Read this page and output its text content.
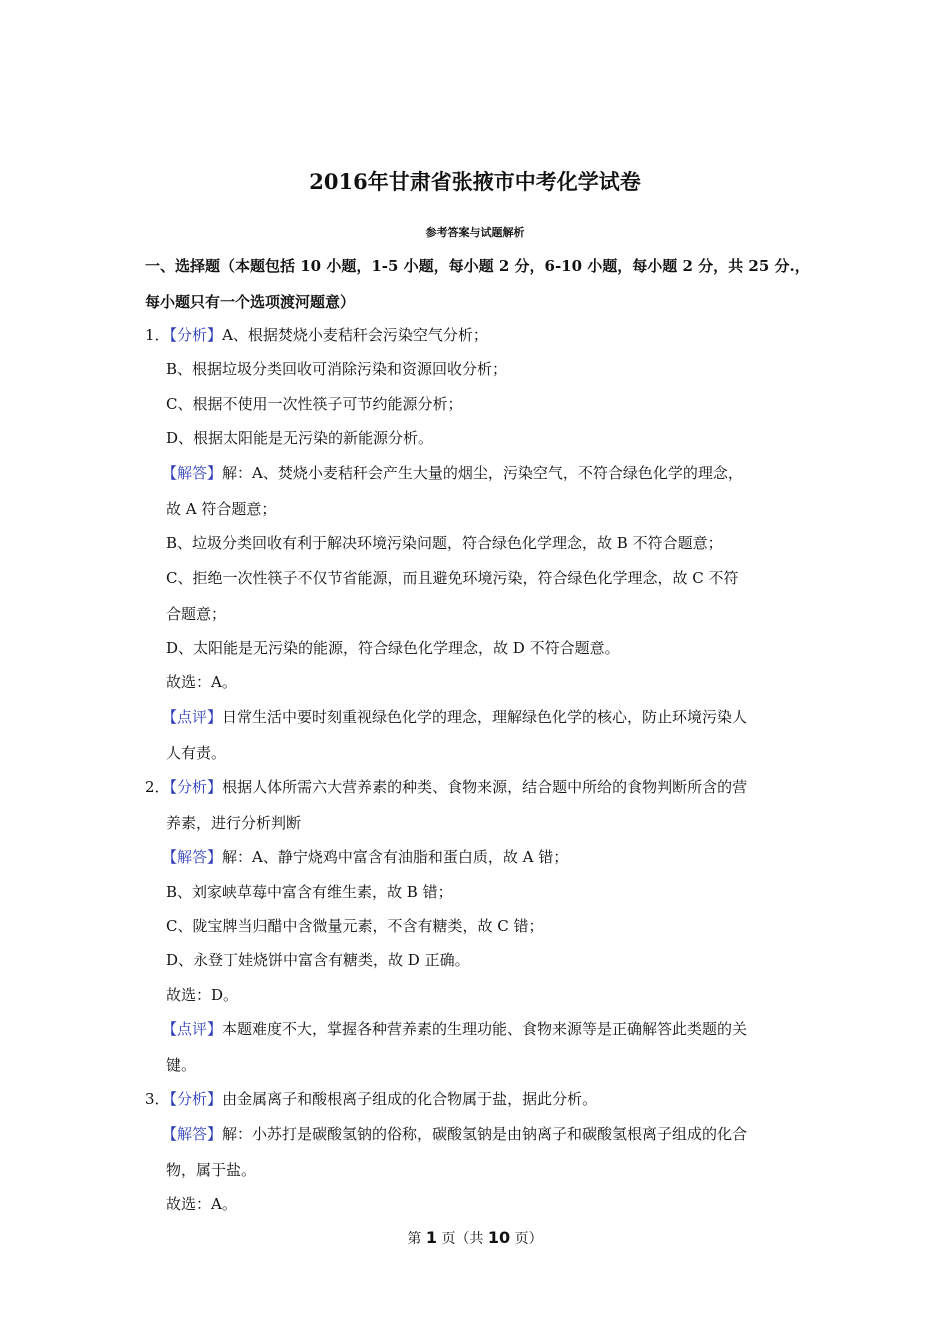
2016年甘肃省张掖市中考化学试卷
参考答案与试题解析
一、选择题（本题包括 10 小题，1-5 小题，每小题 2 分，6-10 小题，每小题 2 分，共 25 分.，
每小题只有一个选项渡河题意）
1．【分析】A、根据焚烧小麦秸秆会污染空气分析；
B、根据垃圾分类回收可消除污染和资源回收分析；
C、根据不使用一次性筷子可节约能源分析；
D、根据太阳能是无污染的新能源分析。
【解答】解：A、焚烧小麦秸秆会产生大量的烟尘，污染空气，不符合绿色化学的理念，
故 A 符合题意；
B、垃圾分类回收有利于解决环境污染问题，符合绿色化学理念，故 B 不符合题意；
C、拒绝一次性筷子不仅节省能源，而且避免环境污染，符合绿色化学理念，故 C 不符
合题意；
D、太阳能是无污染的能源，符合绿色化学理念，故 D 不符合题意。
故选：A。
【点评】日常生活中要时刻重视绿色化学的理念，理解绿色化学的核心，防止环境污染人
人有责。
2．【分析】根据人体所需六大营养素的种类、食物来源，结合题中所给的食物判断所含的营
养素，进行分析判断
【解答】解：A、静宁烧鸡中富含有油脂和蛋白质，故 A 错；
B、刘家峡草莓中富含有维生素，故 B 错；
C、陇宝牌当归醋中含微量元素，不含有糖类，故 C 错；
D、永登丁娃烧饼中富含有糖类，故 D 正确。
故选：D。
【点评】本题难度不大，掌握各种营养素的生理功能、食物来源等是正确解答此类题的关
键。
3．【分析】由金属离子和酸根离子组成的化合物属于盐，据此分析。
【解答】解：小苏打是碳酸氢钠的俗称，碳酸氢钠是由钠离子和碳酸氢根离子组成的化合
物，属于盐。
故选：A。
第 1 页（共 10 页）
